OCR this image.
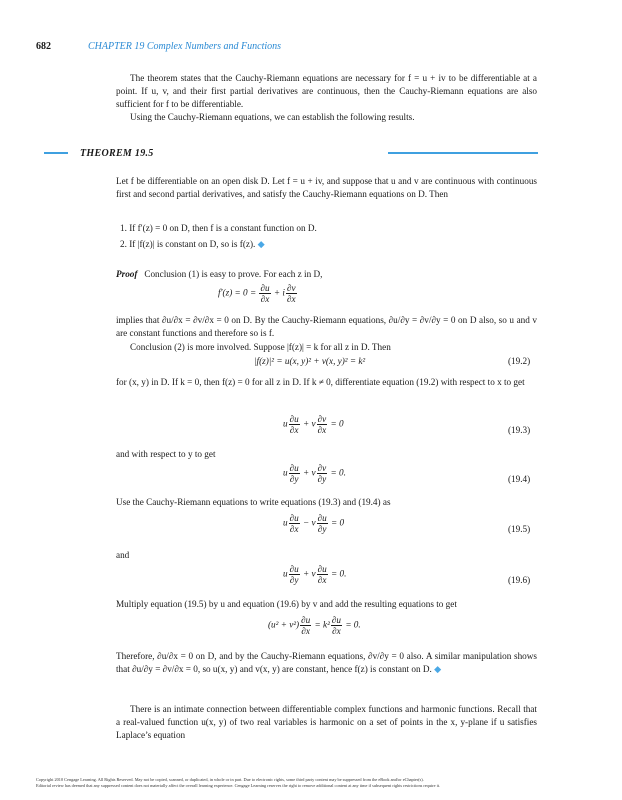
682	CHAPTER 19 Complex Numbers and Functions
The theorem states that the Cauchy-Riemann equations are necessary for f = u + iv to be differentiable at a point. If u, v, and their first partial derivatives are continuous, then the Cauchy-Riemann equations are also sufficient for f to be differentiable.
Using the Cauchy-Riemann equations, we can establish the following results.
THEOREM 19.5
Let f be differentiable on an open disk D. Let f = u + iv, and suppose that u and v are continuous with continuous first and second partial derivatives, and satisfy the Cauchy-Riemann equations on D. Then
1. If f′(z) = 0 on D, then f is a constant function on D.
2. If |f(z)| is constant on D, so is f(z). ◆
Proof Conclusion (1) is easy to prove. For each z in D,
$f'(z) = 0 = \frac{\partial u}{\partial x} + i \frac{\partial v}{\partial x}$
implies that ∂u/∂x = ∂v/∂x = 0 on D. By the Cauchy-Riemann equations, ∂u/∂y = ∂v/∂y = 0 on D also, so u and v are constant functions and therefore so is f.
Conclusion (2) is more involved. Suppose |f(z)| = k for all z in D. Then
|f(z)|² = u(x, y)² + v(x, y)² = k²	(19.2)
for (x, y) in D. If k = 0, then f(z) = 0 for all z in D. If k ≠ 0, differentiate equation (19.2) with respect to x to get
u $\frac{\partial u}{\partial x} + v \frac{\partial v}{\partial x} = 0$
(19.3)
and with respect to y to get
u $\frac{\partial u}{\partial y} + v \frac{\partial v}{\partial y} = 0$.
(19.4)
Use the Cauchy-Riemann equations to write equations (19.3) and (19.4) as
u $\frac{\partial u}{\partial x} - v \frac{\partial u}{\partial y} = 0$
(19.5)
and
u $\frac{\partial u}{\partial y} + v \frac{\partial u}{\partial x} = 0$.
(19.6)
Multiply equation (19.5) by u and equation (19.6) by v and add the resulting equations to get
$(u^2 + v^2) \frac{\partial u}{\partial x} = k^2 \frac{\partial u}{\partial x} = 0$.
Therefore, ∂u/∂x = 0 on D, and by the Cauchy-Riemann equations, ∂v/∂y = 0 also. A similar manipulation shows that ∂u/∂y = ∂v/∂x = 0, so u(x, y) and v(x, y) are constant, hence f(z) is constant on D. ◆
There is an intimate connection between differentiable complex functions and harmonic functions. Recall that a real-valued function u(x, y) of two real variables is harmonic on a set of points in the x, y-plane if u satisfies Laplace’s equation
Copyright 2010 Cengage Learning. All Rights Reserved. May not be copied, scanned, or duplicated, in whole or in part. Due to electronic rights, some third party content may be suppressed from the eBook and/or eChapter(s).
Editorial review has deemed that any suppressed content does not materially affect the overall learning experience. Cengage Learning reserves the right to remove additional content at any time if subsequent rights restrictions require it.
